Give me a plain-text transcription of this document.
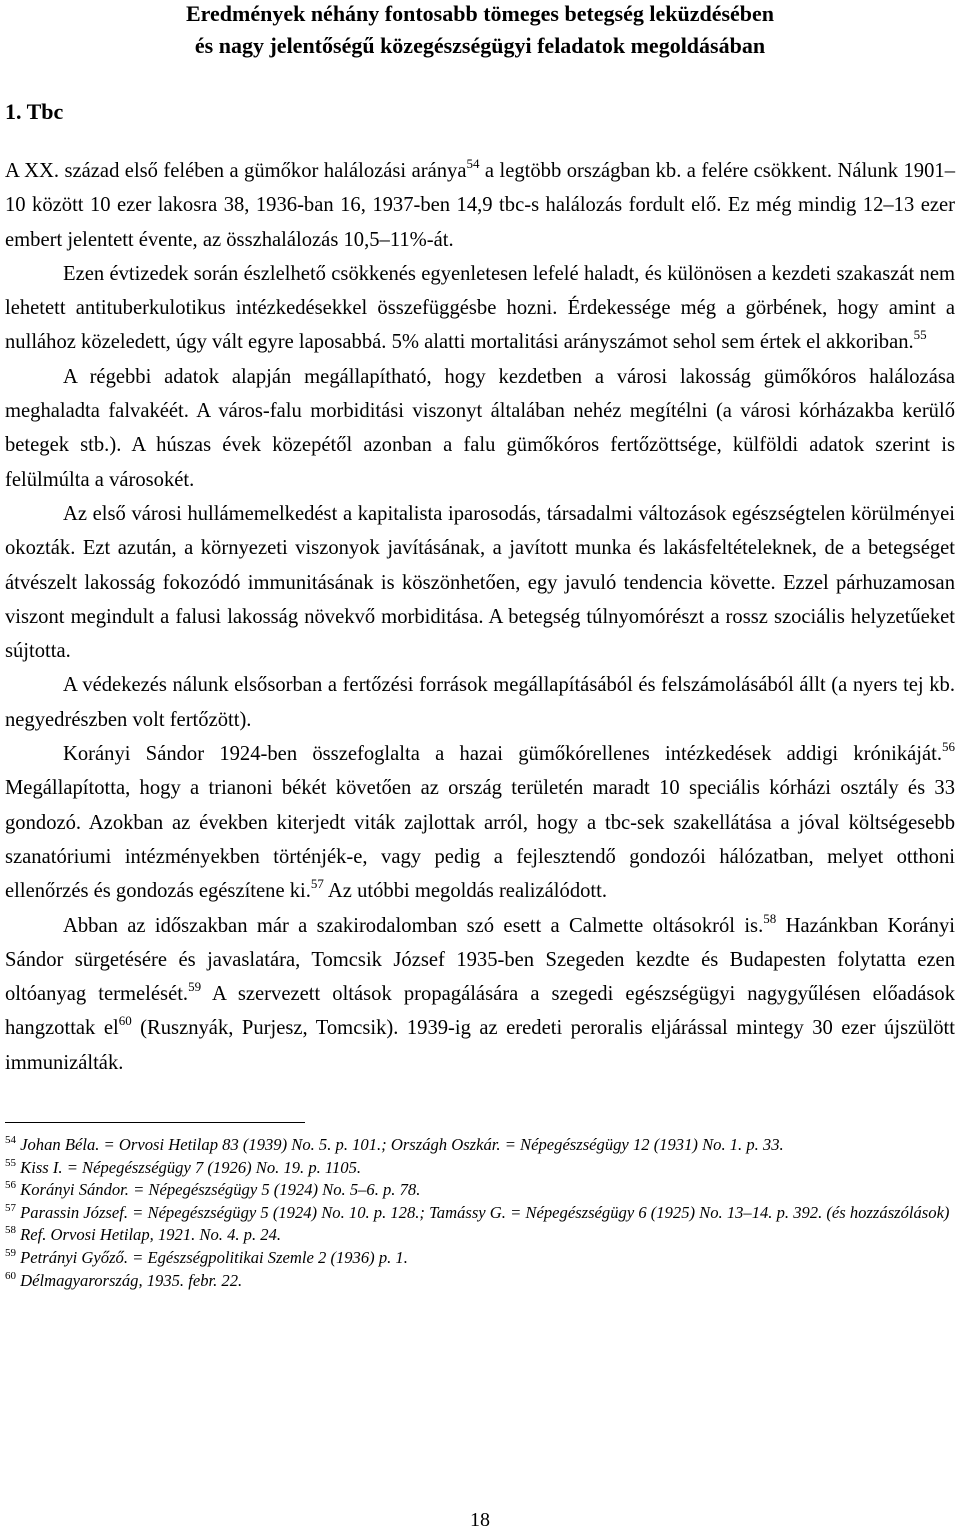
Eredmények néhány fontosabb tömeges betegség leküzdésében
és nagy jelentőségű közegészségügyi feladatok megoldásában
1. Tbc

A XX. század első felében a gümőkor halálozási aránya$^{54}$ a legtöbb országban kb. a felére csökkent. Nálunk 1901–10 között 10 ezer lakosra 38, 1936-ban 16, 1937-ben 14,9 tbc-s halálozás fordult elő. Ez még mindig 12–13 ezer embert jelentett évente, az összhalálozás 10,5–11%-át.

Ezen évtizedek során észlelhető csökkenés egyenletesen lefelé haladt, és különösen a kezdeti szakaszát nem lehetett antituberkulotikus intézkedésekkel összefüggésbe hozni. Érdekessége még a görbének, hogy amint a nullához közeledett, úgy vált egyre laposabbá. 5% alatti mortalitási arányszámot sehol sem értek el akkoriban.$^{55}$

A régebbi adatok alapján megállapítható, hogy kezdetben a városi lakosság gümőkóros halálozása meghaladta falvakéét. A város-falu morbiditási viszonyt általában nehéz megítélni (a városi kórházakba kerülő betegek stb.). A húszas évek közepétől azonban a falu gümőkóros fertőzöttsége, külföldi adatok szerint is felülmúlta a városokét.

Az első városi hullámemelkedést a kapitalista iparosodás, társadalmi változások egészségtelen körülményei okozták. Ezt azután, a környezeti viszonyok javításának, a javított munka és lakásfeltételeknek, de a betegséget átvészelt lakosság fokozódó immunitásának is köszönhetően, egy javuló tendencia követte. Ezzel párhuzamosan viszont megindult a falusi lakosság növekvő morbiditása. A betegség túlnyomórészt a rossz szociális helyzetűeket sújtotta.

A védekezés nálunk elsősorban a fertőzési források megállapításából és felszámolásából állt (a nyers tej kb. negyedrészben volt fertőzött).

Korányi Sándor 1924-ben összefoglalta a hazai gümőkórellenes intézkedések addigi krónikáját.$^{56}$ Megállapította, hogy a trianoni békét követően az ország területén maradt 10 speciális kórházi osztály és 33 gondozó. Azokban az években kiterjedt viták zajlottak arról, hogy a tbc-sek szakellátása a jóval költségesebb szanatóriumi intézményekben történjék-e, vagy pedig a fejlesztendő gondozói hálózatban, melyet otthoni ellenőrzés és gondozás egészítene ki.$^{57}$ Az utóbbi megoldás realizálódott.

Abban az időszakban már a szakirodalomban szó esett a Calmette oltásokról is.$^{58}$ Hazánkban Korányi Sándor sürgetésére és javaslatára, Tomcsik József 1935-ben Szegeden kezdte és Budapesten folytatta ezen oltóanyag termelését.$^{59}$ A szervezett oltások propagálására a szegedi egészségügyi nagygyűlésen előadások hangzottak $el^{60}$ (Rusznyák, Purjesz, Tomcsik). 1939-ig az eredeti peroralis eljárással mintegy 30 ezer újszülött immunizálták.

$^{54}$ Johan Béla. = Orvosi Hetilap 83 (1939) No. 5. p. 101.; Országh Oszkár. = Népegészségügy 12 (1931) No. 1. p. 33.

$^{55}$ Kiss I. = Népegészségügy 7 (1926) No. 19. p. 1105.

$^{56}$ Korányi Sándor. = Népegészségügy 5 (1924) No. 5–6. p. 78.

$^{57}$ Parassin József. = Népegészségügy 5 (1924) No. 10. p. 128.; Tamássy G. = Népegészségügy 6 (1925) No. 13–14. p. 392. (és hozzászólások)

$^{58}$ Ref. Orvosi Hetilap, 1921. No. 4. p. 24.

$^{59}$ Petrányi Győző. = Egészségpolitikai Szemle 2 (1936) p. 1.

$^{60}$ Délmagyarország, 1935. febr. 22.

18
